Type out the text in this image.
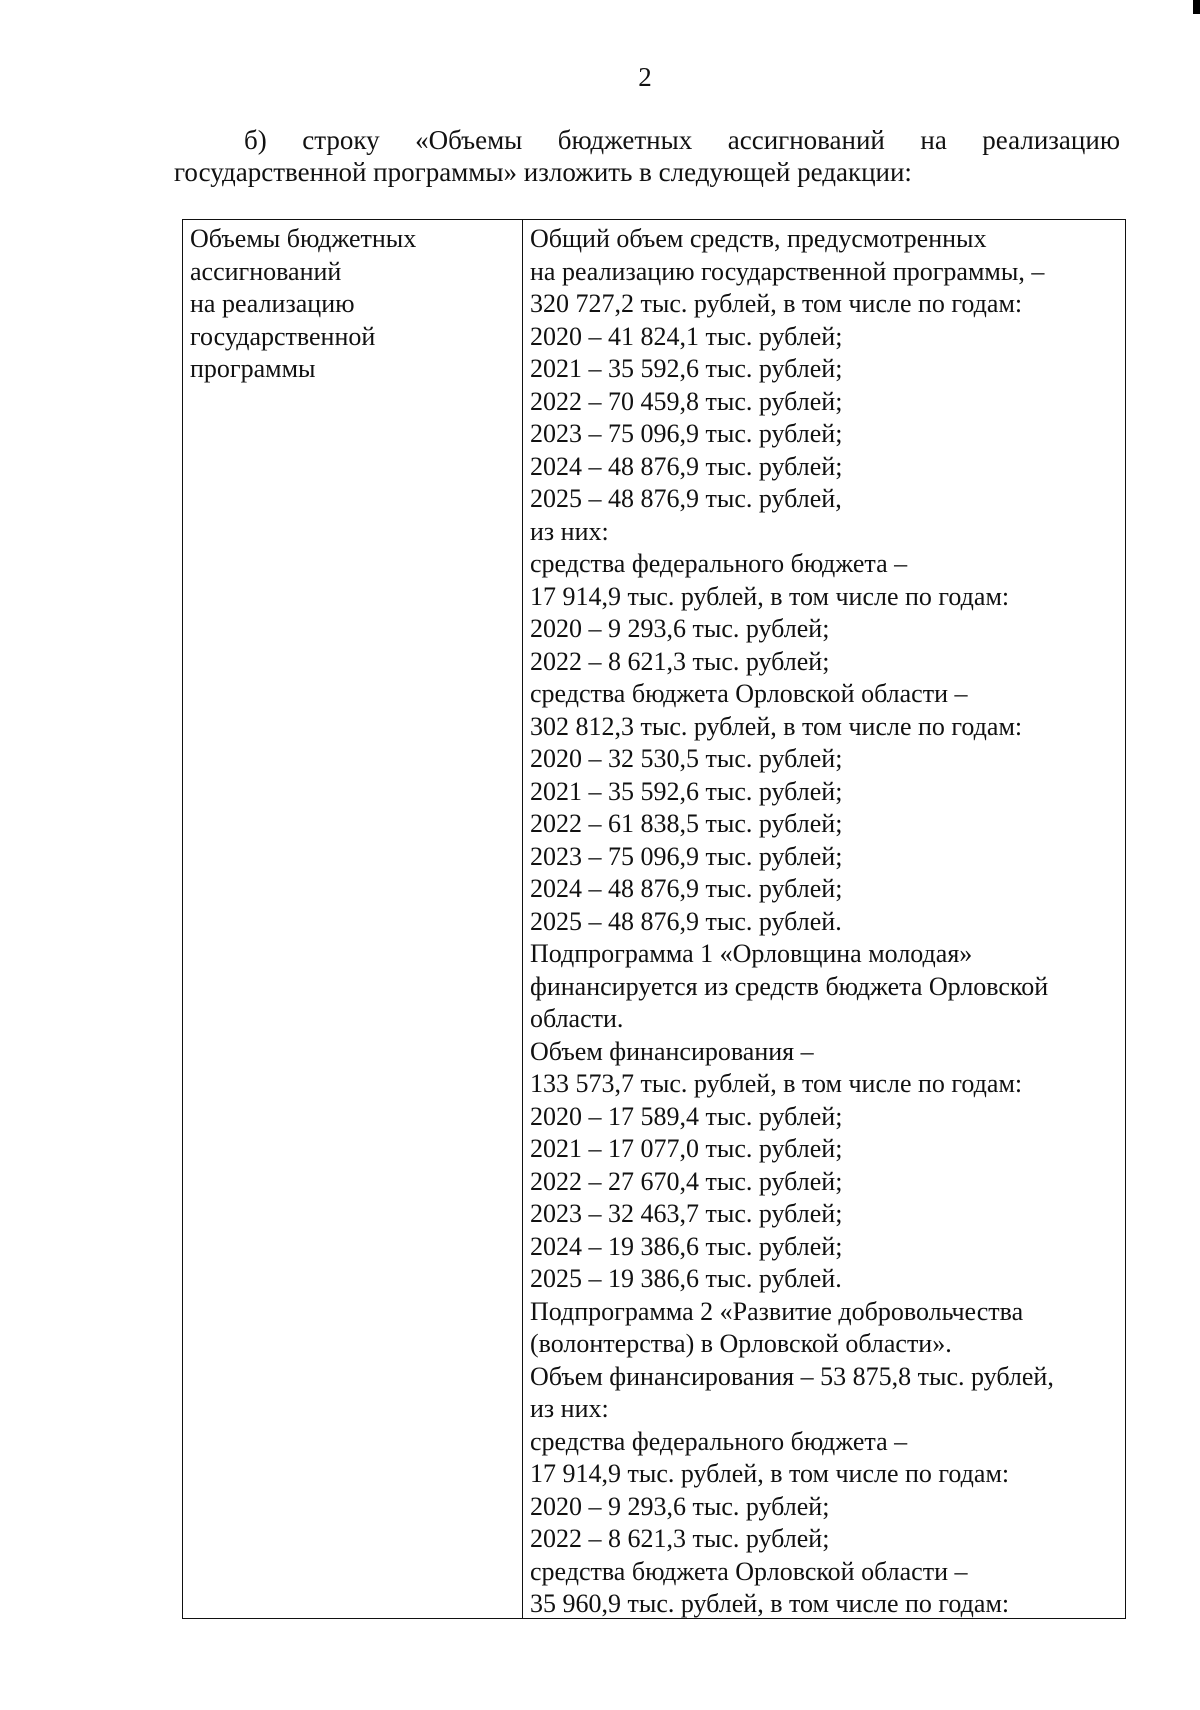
2
б) строку «Объемы бюджетных ассигнований на реализацию
государственной программы» изложить в следующей редакции:
Объемы бюджетных
ассигнований
на реализацию
государственной
программы
Общий объем средств, предусмотренных
на реализацию государственной программы, –
320 727,2 тыс. рублей, в том числе по годам:
2020 – 41 824,1 тыс. рублей;
2021 – 35 592,6 тыс. рублей;
2022 – 70 459,8 тыс. рублей;
2023 – 75 096,9 тыс. рублей;
2024 – 48 876,9 тыс. рублей;
2025 – 48 876,9 тыс. рублей,
из них:
средства федерального бюджета –
17 914,9 тыс. рублей, в том числе по годам:
2020 – 9 293,6 тыс. рублей;
2022 – 8 621,3 тыс. рублей;
средства бюджета Орловской области –
302 812,3 тыс. рублей, в том числе по годам:
2020 – 32 530,5 тыс. рублей;
2021 – 35 592,6 тыс. рублей;
2022 – 61 838,5 тыс. рублей;
2023 – 75 096,9 тыс. рублей;
2024 – 48 876,9 тыс. рублей;
2025 – 48 876,9 тыс. рублей.
Подпрограмма 1 «Орловщина молодая»
финансируется из средств бюджета Орловской
области.
Объем финансирования –
133 573,7 тыс. рублей, в том числе по годам:
2020 – 17 589,4 тыс. рублей;
2021 – 17 077,0 тыс. рублей;
2022 – 27 670,4 тыс. рублей;
2023 – 32 463,7 тыс. рублей;
2024 – 19 386,6 тыс. рублей;
2025 – 19 386,6 тыс. рублей.
Подпрограмма 2 «Развитие добровольчества
(волонтерства) в Орловской области».
Объем финансирования – 53 875,8 тыс. рублей,
из них:
средства федерального бюджета –
17 914,9 тыс. рублей, в том числе по годам:
2020 – 9 293,6 тыс. рублей;
2022 – 8 621,3 тыс. рублей;
средства бюджета Орловской области –
35 960,9 тыс. рублей, в том числе по годам:
